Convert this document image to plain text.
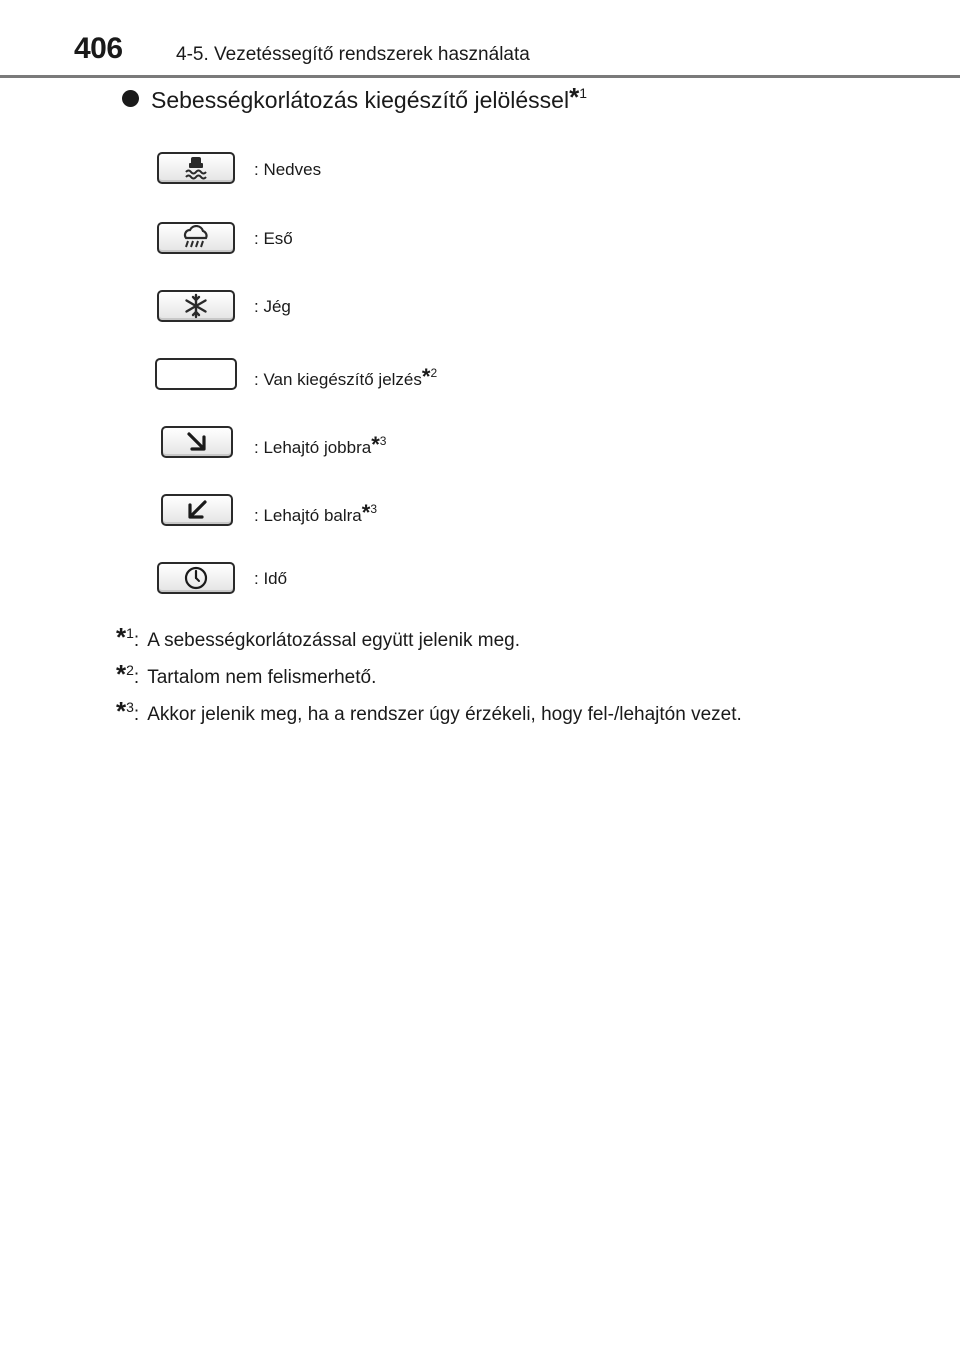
406	4-5. Vezetéssegítő rendszerek használata
Sebességkorlátozás kiegészítő jelöléssel$^{*1}$
: Nedves
: Eső
: Jég
: Van kiegészítő jelzés$^{*2}$
: Lehajtó jobbra$^{*3}$
: Lehajtó balra$^{*3}$
: Idő
$^{*1}$: A sebességkorlátozással együtt jelenik meg.
$^{*2}$: Tartalom nem felismerhető.
$^{*3}$: Akkor jelenik meg, ha a rendszer úgy érzékeli, hogy fel-/lehajtón vezet.
